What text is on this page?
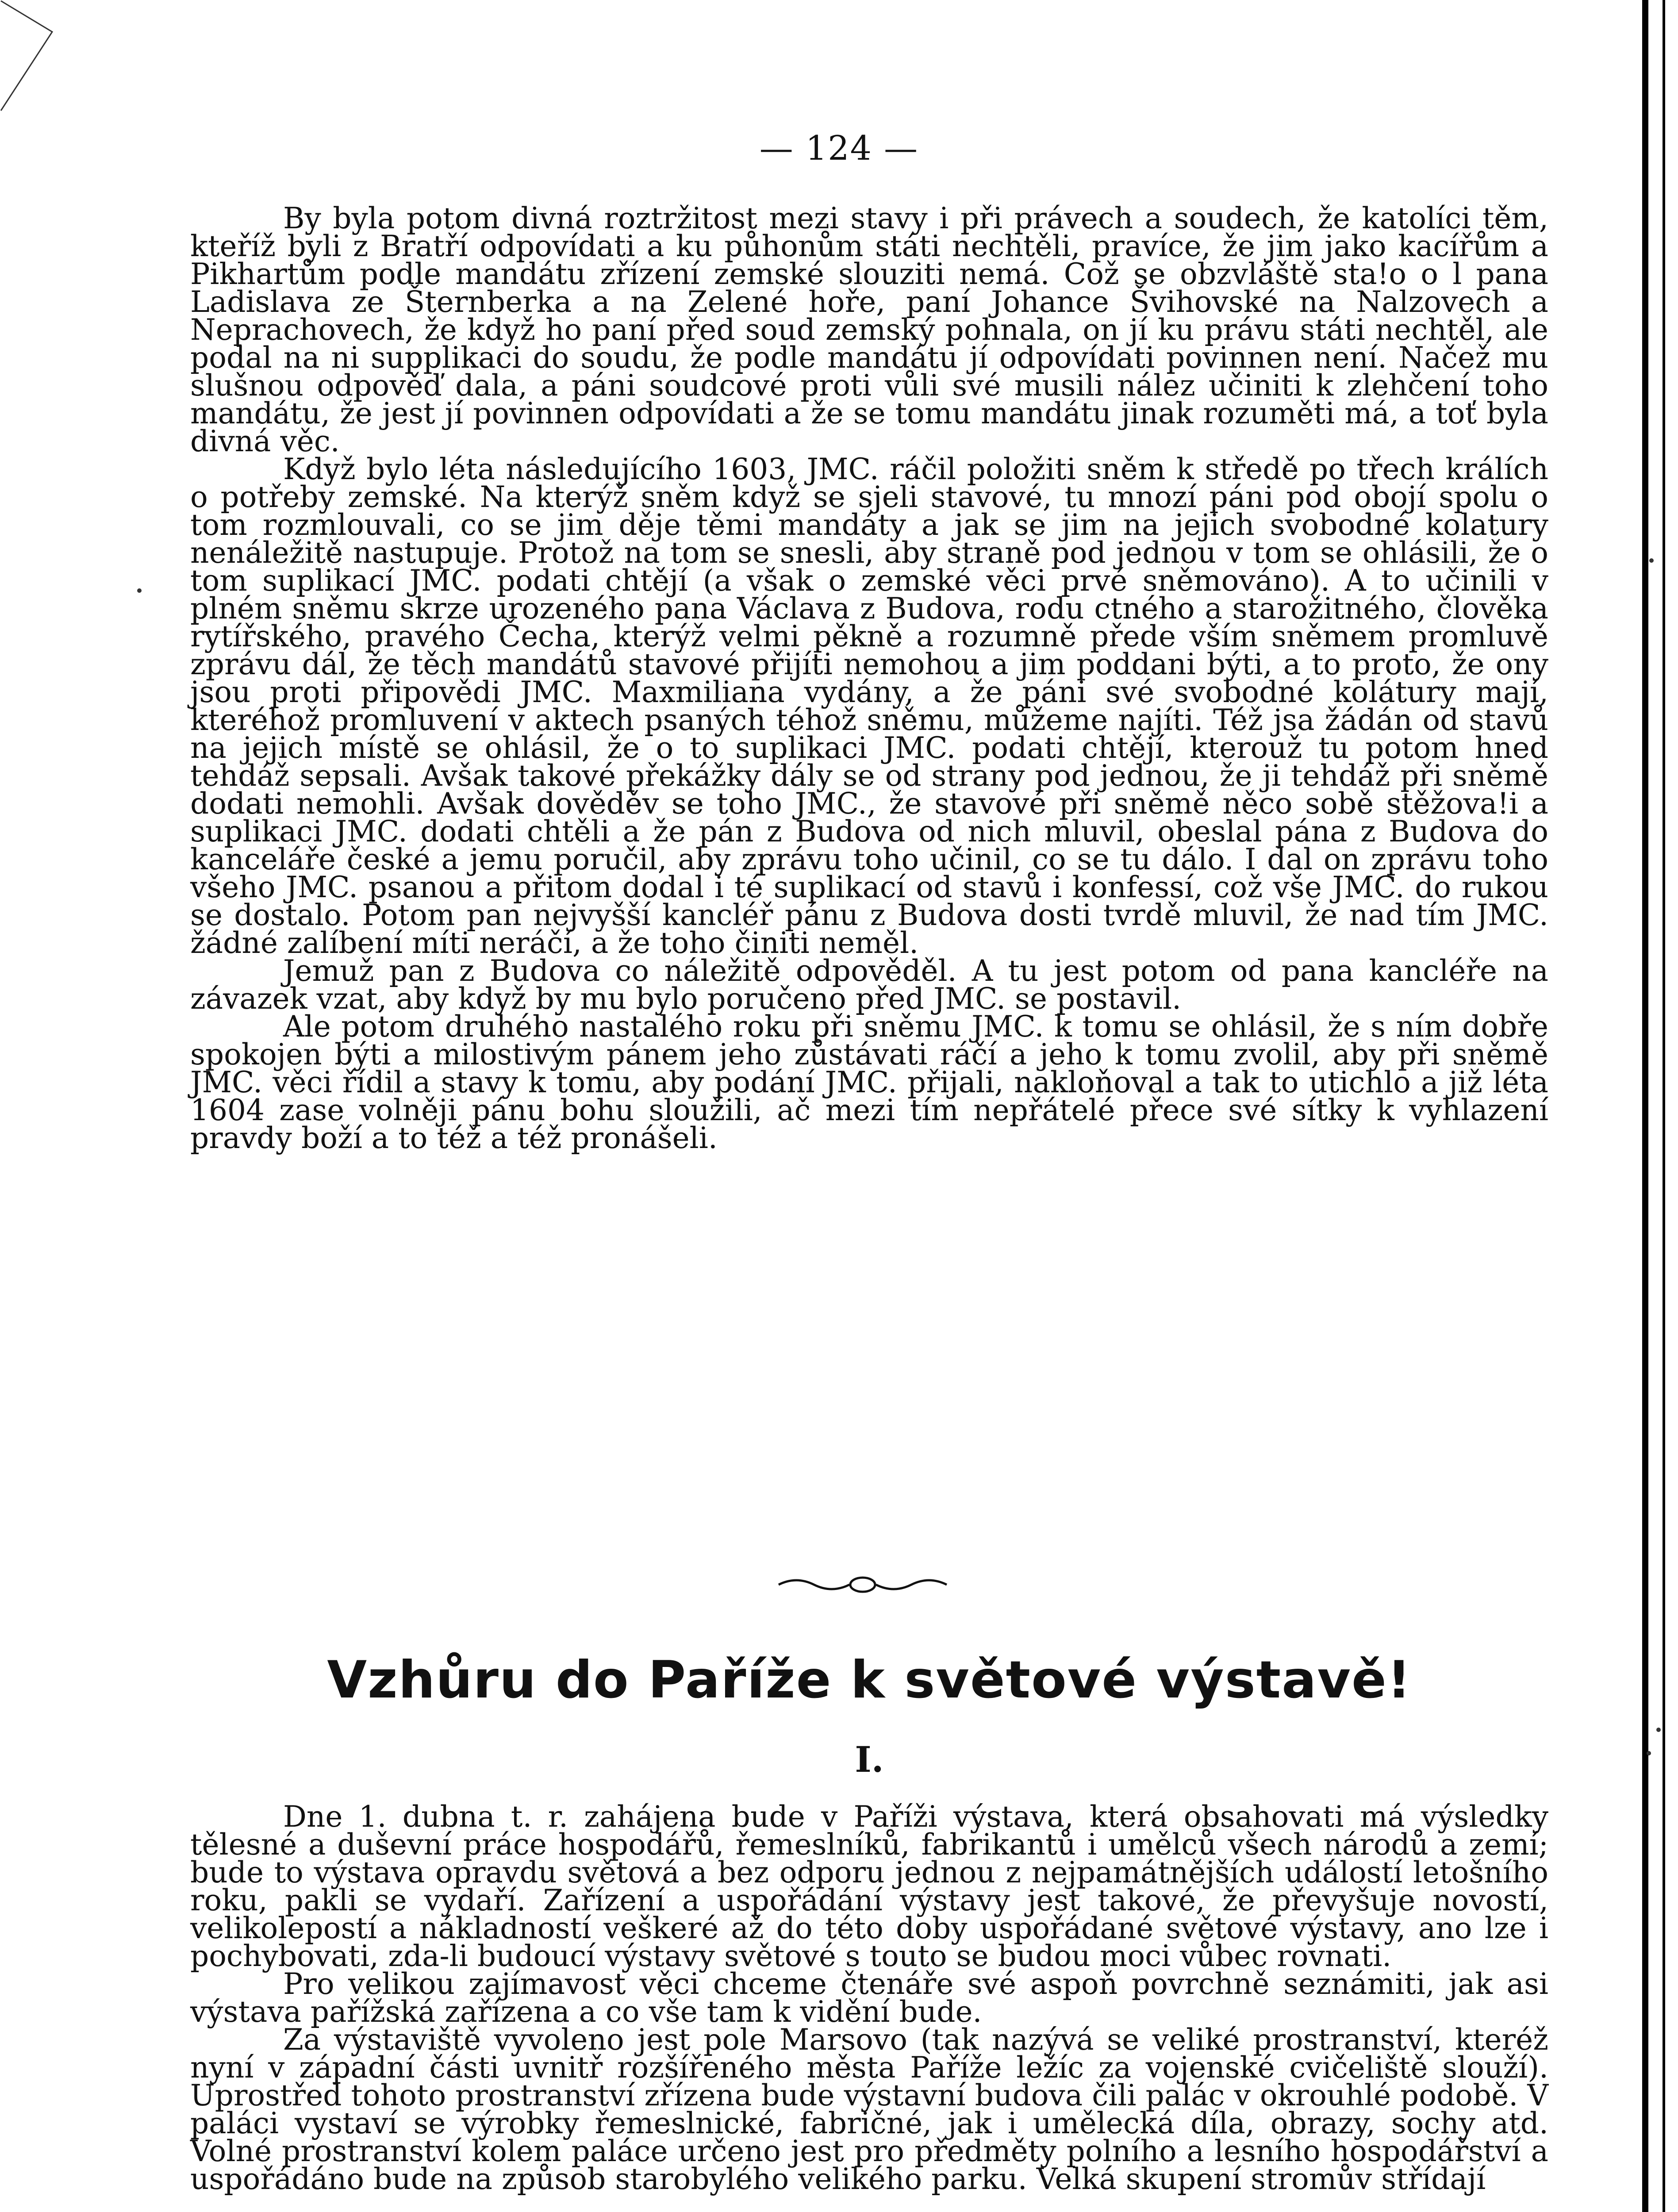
— 124 —

By byla potom divná roztržitost mezi stavy i při právech a soudech, že katolíci těm, kteříž byli z Bratří odpovídati a ku půhonům státi nechtěli, pravíce, že jim jako kacířům a Pikhartům podle mandátu zřízení zemské slouziti nemá. Což se obzvláště sta!o o l pana Ladislava ze Šternberka a na Zelené hoře, paní Johance Švihovské na Nalzovech a Neprachovech, že když ho paní před soud zemský pohnala, on jí ku právu státi nechtěl, ale podal na ni supplikaci do soudu, že podle mandátu jí odpovídati povinnen není. Načež mu slušnou odpověď dala, a páni soudcové proti vůli své musili nález učiniti k zlehčení toho mandátu, že jest jí povinnen odpovídati a že se tomu mandátu jinak rozuměti má, a toť byla divná věc.

Když bylo léta následujícího 1603, JMC. ráčil položiti sněm k středě po třech králích o potřeby zemské. Na kterýž sněm když se sjeli stavové, tu mnozí páni pod obojí spolu o tom rozmlouvali, co se jim děje těmi mandáty a jak se jim na jejich svobodné kolatury nenáležitě nastupuje. Protož na tom se snesli, aby straně pod jednou v tom se ohlásili, že o tom suplikací JMC. podati chtějí (a však o zemské věci prvé sněmováno). A to učinili v plném sněmu skrze urozeného pana Václava z Budova, rodu ctného a starožitného, člověka rytířského, pravého Čecha, kterýž velmi pěkně a rozumně přede vším sněmem promluvě zprávu dál, že těch mandátů stavové přijíti nemohou a jim poddani býti, a to proto, že ony jsou proti připovědi JMC. Maxmiliana vydány, a že páni své svobodné kolátury mají, kteréhož promluvení v aktech psaných téhož sněmu, můžeme najíti. Též jsa žádán od stavů na jejich místě se ohlásil, že o to suplikaci JMC. podati chtějí, kterouž tu potom hned tehdáž sepsali. Avšak takové překážky dály se od strany pod jednou, že ji tehdáž při sněmě dodati nemohli. Avšak dověděv se toho JMC., že stavové při sněmě něco sobě stěžova!i a suplikaci JMC. dodati chtěli a že pán z Budova od nich mluvil, obeslal pána z Budova do kanceláře české a jemu poručil, aby zprávu toho učinil, co se tu dálo. I dal on zprávu toho všeho JMC. psanou a přitom dodal i té suplikací od stavů i konfessí, což vše JMC. do rukou se dostalo. Potom pan nejvyšší kancléř pánu z Budova dosti tvrdě mluvil, že nad tím JMC. žádné zalíbení míti neráčí, a že toho činiti neměl.

Jemuž pan z Budova co náležitě odpověděl. A tu jest potom od pana kancléře na závazek vzat, aby když by mu bylo poručeno před JMC. se postavil.

Ale potom druhého nastalého roku při sněmu JMC. k tomu se ohlásil, že s ním dobře spokojen býti a milostivým pánem jeho zůstávati ráčí a jeho k tomu zvolil, aby při sněmě JMC. věci řídil a stavy k tomu, aby podání JMC. přijali, nakloňoval a tak to utichlo a již léta 1604 zase volněji pánu bohu sloužili, ač mezi tím nepřátelé přece své sítky k vyhlazení pravdy boží a to též a též pronášeli.

Vzhůru do Paříže k světové výstavě!
I.

Dne 1. dubna t. r. zahájena bude v Paříži výstava, která obsahovati má výsledky tělesné a duševní práce hospodářů, řemeslníků, fabrikantů i umělců všech národů a zemí; bude to výstava opravdu světová a bez odporu jednou z nejpamátnějších událostí letošního roku, pakli se vydaří. Zařízení a uspořádání výstavy jest takové, že převyšuje novostí, velikolepostí a nákladností veškeré až do této doby uspořádané světové výstavy, ano lze i pochybovati, zda-li budoucí výstavy světové s touto se budou moci vůbec rovnati.

Pro velikou zajímavost věci chceme čtenáře své aspoň povrchně seznámiti, jak asi výstava pařížská zařízena a co vše tam k vidění bude.

Za výstaviště vyvoleno jest pole Marsovo (tak nazývá se veliké prostranství, kteréž nyní v západní části uvnitř rozšířeného města Paříže ležíc za vojenské cvičeliště slouží). Uprostřed tohoto prostranství zřízena bude výstavní budova čili palác v okrouhlé podobě. V paláci vystaví se výrobky řemeslnické, fabričné, jak i umělecká díla, obrazy, sochy atd. Volné prostranství kolem paláce určeno jest pro předměty polního a lesního hospodářství a uspořádáno bude na způsob starobylého velikého parku. Velká skupení stromův střídají
